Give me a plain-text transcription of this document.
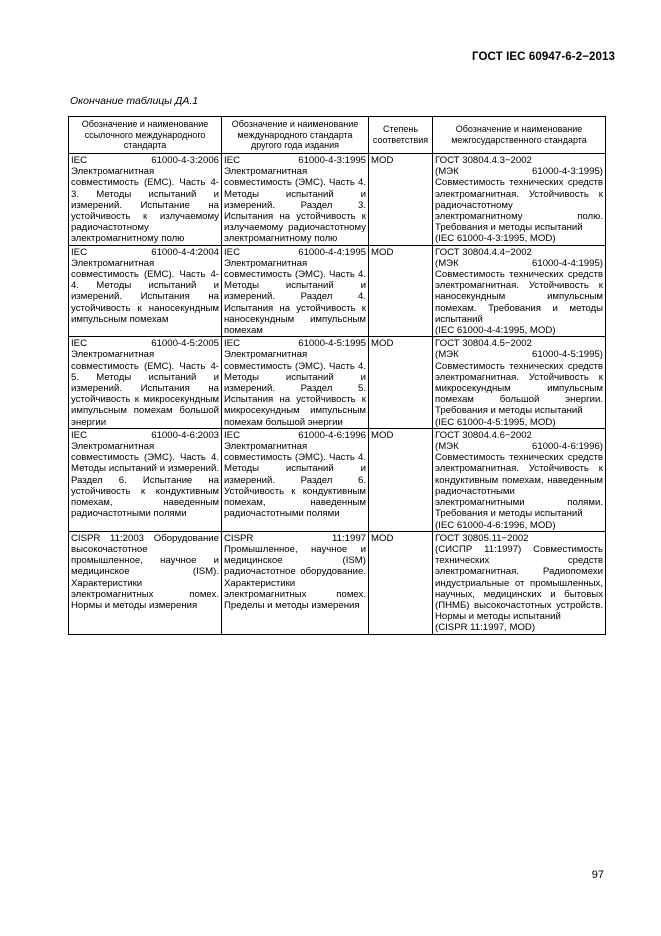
ГОСТ IEC 60947-6-2−2013
Окончание таблицы ДА.1
Обозначение и наименование ссылочного международного стандарта	Обозначение и наименование международного стандарта другого года издания	Степень соответствия	Обозначение и наименование межгосударственного стандарта
IEC 61000-4-3:2006 Электромагнитная совместимость (EMC). Часть 4-3. Методы испытаний и измерений. Испытание на устойчивость к излучаемому радиочастотному электромагнитному полю	IEC 61000-4-3:1995 Электромагнитная совместимость (ЭМС). Часть 4. Методы испытаний и измерений. Раздел 3. Испытания на устойчивость к излучаемому радиочастотному электромагнитному полю	MOD	ГОСТ 30804.4.3−2002
(МЭК 61000-4-3:1995) Совместимость технических средств электромагнитная. Устойчивость к радиочастотному электромагнитному полю. Требования и методы испытаний
(IEC 61000-4-3:1995, MOD)

IEC 61000-4-4:2004 Электромагнитная совместимость (EMC). Часть 4-4. Методы испытаний и измерений. Испытания на устойчивость к наносекундным импульсным помехам	IEC 61000-4-4:1995 Электромагнитная совместимость (ЭМС). Часть 4. Методы испытаний и измерений. Раздел 4. Испытания на устойчивость к наносекундным импульсным помехам	MOD	ГОСТ 30804.4.4−2002
(МЭК 61000-4-4:1995) Совместимость технических средств электромагнитная. Устойчивость к наносекундным импульсным помехам. Требования и методы испытаний
(IEC 61000-4-4:1995, MOD)

IEC 61000-4-5:2005 Электромагнитная совместимость (EMC). Часть 4-5. Методы испытаний и измерений. Испытания на устойчивость к микросекундным импульсным помехам большой энергии	IEC 61000-4-5:1995 Электромагнитная совместимость (ЭМС). Часть 4. Методы испытаний и измерений. Раздел 5. Испытания на устойчивость к микросекундным импульсным помехам большой энергии	MOD	ГОСТ 30804.4.5−2002
(МЭК 61000-4-5:1995) Совместимость технических средств электромагнитная. Устойчивость к микросекундным импульсным помехам большой энергии. Требования и методы испытаний
(IEC 61000-4-5:1995, MOD)

IEC 61000-4-6:2003 Электромагнитная совместимость (ЭМС). Часть 4. Методы испытаний и измерений. Раздел 6. Испытание на устойчивость к кондуктивным помехам, наведенным радиочастотными полями	IEC 61000-4-6:1996 Электромагнитная совместимость (ЭМС). Часть 4. Методы испытаний и измерений. Раздел 6. Устойчивость к кондуктивным помехам, наведенным радиочастотными полями	MOD	ГОСТ 30804.4.6−2002
(МЭК 61000-4-6:1996) Совместимость технических средств электромагнитная. Устойчивость к кондуктивным помехам, наведенным радиочастотными электромагнитными полями. Требования и методы испытаний
(IEC 61000-4-6:1996, MOD)

CISPR 11:2003 Оборудование высокочастотное промышленное, научное и медицинское (ISM). Характеристики электромагнитных помех. Нормы и методы измерения	CISPR 11:1997 Промышленное, научное и медицинское (ISM) радиочастотное оборудование. Характеристики электромагнитных помех. Пределы и методы измерения	MOD	ГОСТ 30805.11−2002
(СИСПР 11:1997) Совместимость технических средств электромагнитная. Радиопомехи индустриальные от промышленных, научных, медицинских и бытовых (ПНМБ) высокочастотных устройств. Нормы и методы испытаний
(CISPR 11:1997, MOD)
97
